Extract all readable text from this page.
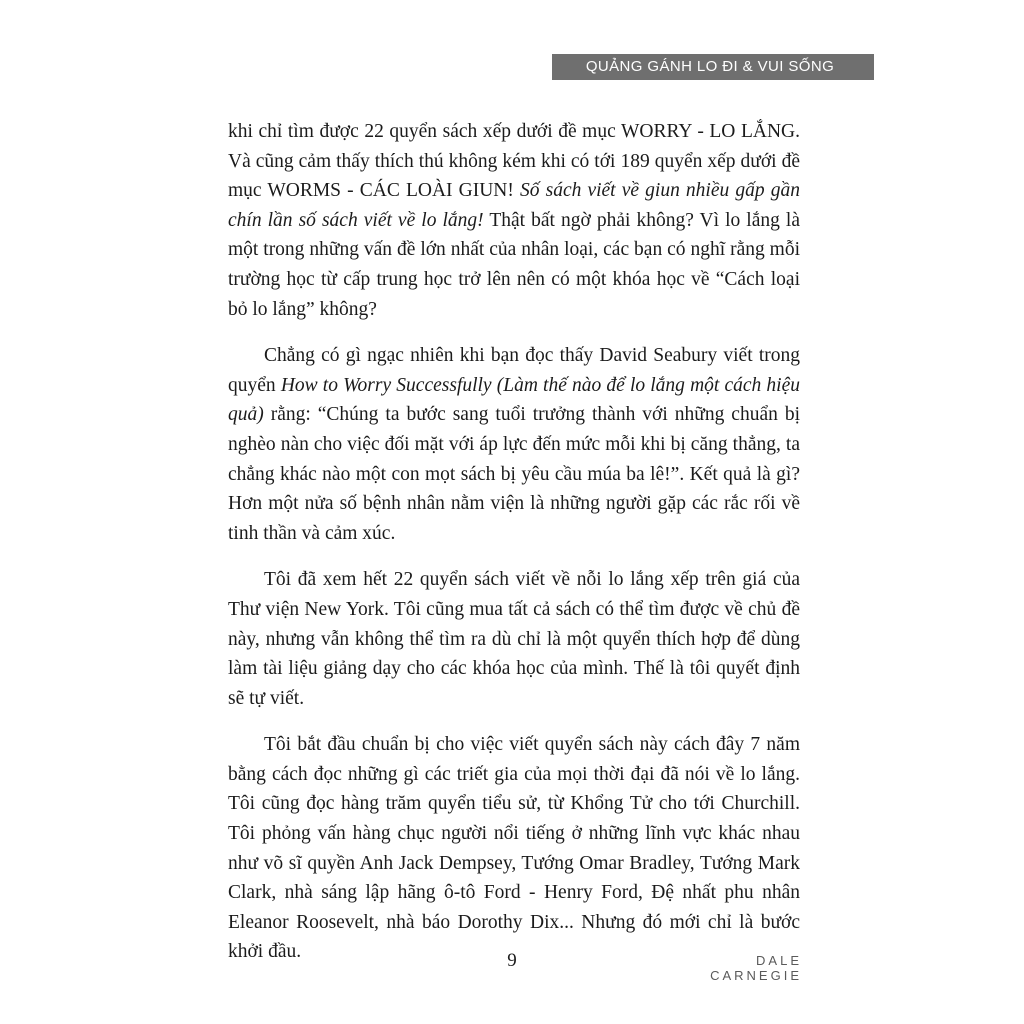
QUẢNG GÁNH LO ĐI & VUI SỐNG

khi chỉ tìm được 22 quyển sách xếp dưới đề mục WORRY - LO LẮNG. Và cũng cảm thấy thích thú không kém khi có tới 189 quyển xếp dưới đề mục WORMS - CÁC LOÀI GIUN! Số sách viết về giun nhiều gấp gần chín lần số sách viết về lo lắng! Thật bất ngờ phải không? Vì lo lắng là một trong những vấn đề lớn nhất của nhân loại, các bạn có nghĩ rằng mỗi trường học từ cấp trung học trở lên nên có một khóa học về “Cách loại bỏ lo lắng” không?

Chẳng có gì ngạc nhiên khi bạn đọc thấy David Seabury viết trong quyển How to Worry Successfully (Làm thế nào để lo lắng một cách hiệu quả) rằng: “Chúng ta bước sang tuổi trưởng thành với những chuẩn bị nghèo nàn cho việc đối mặt với áp lực đến mức mỗi khi bị căng thẳng, ta chẳng khác nào một con mọt sách bị yêu cầu múa ba lê!”. Kết quả là gì? Hơn một nửa số bệnh nhân nằm viện là những người gặp các rắc rối về tinh thần và cảm xúc.

Tôi đã xem hết 22 quyển sách viết về nỗi lo lắng xếp trên giá của Thư viện New York. Tôi cũng mua tất cả sách có thể tìm được về chủ đề này, nhưng vẫn không thể tìm ra dù chỉ là một quyển thích hợp để dùng làm tài liệu giảng dạy cho các khóa học của mình. Thế là tôi quyết định sẽ tự viết.

Tôi bắt đầu chuẩn bị cho việc viết quyển sách này cách đây 7 năm bằng cách đọc những gì các triết gia của mọi thời đại đã nói về lo lắng. Tôi cũng đọc hàng trăm quyển tiểu sử, từ Khổng Tử cho tới Churchill. Tôi phỏng vấn hàng chục người nổi tiếng ở những lĩnh vực khác nhau như võ sĩ quyền Anh Jack Dempsey, Tướng Omar Bradley, Tướng Mark Clark, nhà sáng lập hãng ô-tô Ford - Henry Ford, Đệ nhất phu nhân Eleanor Roosevelt, nhà báo Dorothy Dix... Nhưng đó mới chỉ là bước khởi đầu.	9	DALE CARNEGIE
